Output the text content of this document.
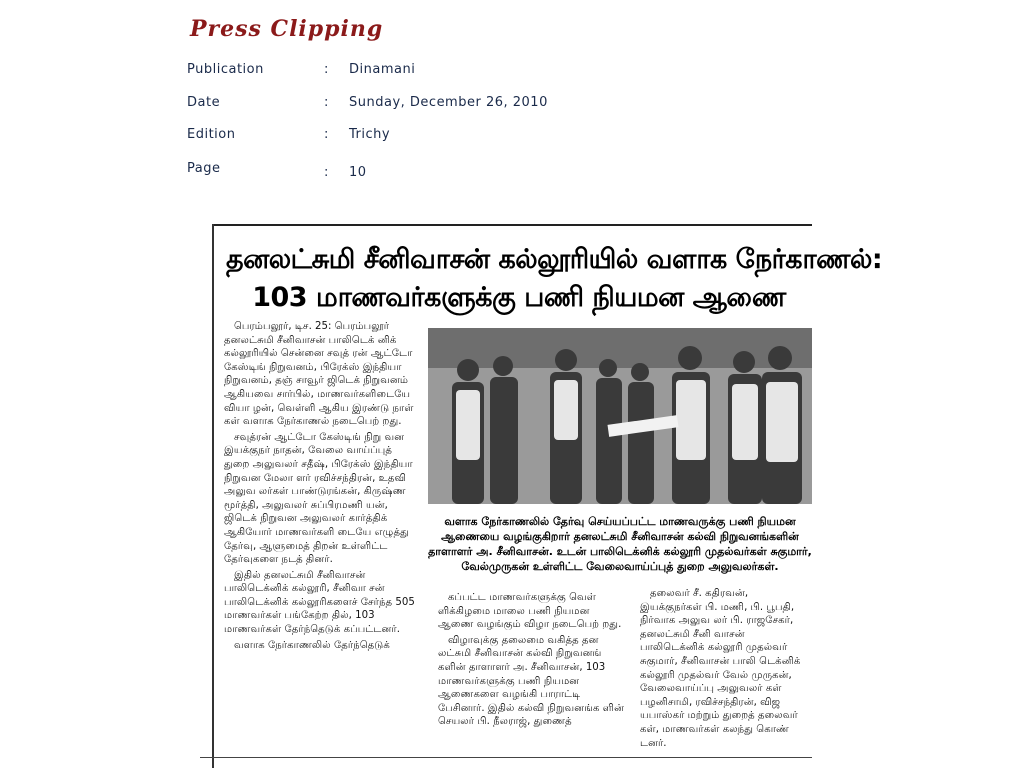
Press Clipping
Publication	: Dinamani
Date	: Sunday, December 26, 2010
Edition	: Trichy
Page	: 10
தனலட்சுமி சீனிவாசன் கல்லூரியில் வளாக நேர்காணல்:
103 மாணவர்களுக்கு பணி நியமன ஆணை

பெரம்பலூர், டிச. 25: பெரம்பலூர் தனலட்சுமி சீனிவாசன் பாலிடெக் னிக் கல்லூரியில் சென்னை சவுத் ரன் ஆட்டோ கேஸ்டிங் நிறுவனம், பிரேக்ஸ் இந்தியா நிறுவனம், தஞ் சாவூர் ஜிடெக் நிறுவனம் ஆகியவை சார்பில், மாணவர்களிடையே வியா ழன், வெள்ளி ஆகிய இரண்டு நாள் கள் வளாக நேர்காணல் நடைபெற் றது.

சவுத்ரன் ஆட்டோ கேஸ்டிங் நிறு வன இயக்குநர் நாதன், வேலை வாய்ப்புத் துறை அலுவலர் சதீஷ், பிரேக்ஸ் இந்தியா நிறுவன மேலா ளர் ரவிச்சந்திரன், உதவி அலுவ லர்கள் பாண்டுரங்கன், கிருஷ்ண மூர்த்தி, அலுவலர் சுப்பிரமணி யன், ஜிடெக் நிறுவன அலுவலர் கார்த்திக் ஆகியோர் மாணவர்களி டையே எழுத்து தேர்வு, ஆளுமைத் திறன் உள்ளிட்ட தேர்வுகளை நடத் தினர்.

இதில் தனலட்சுமி சீனிவாசன் பாலிடெக்னிக் கல்லூரி, சீனிவா சன் பாலிடெக்னிக் கல்லூரிகளைச் சேர்ந்த 505 மாணவர்கள் பங்கேற்ற தில், 103 மாணவர்கள் தேர்ந்தெடுக் கப்பட்டனர்.

வளாக நேர்காணலில் தேர்ந்தெடுக்

வளாக நேர்காணலில் தேர்வு செய்யப்பட்ட மாணவருக்கு பணி நியமன ஆணையை வழங்குகிறார் தனலட்சுமி சீனிவாசன் கல்வி நிறுவனங்களின் தாளாளர் அ. சீனிவாசன். உடன் பாலிடெக்னிக் கல்லூரி முதல்வர்கள் சுகுமார், வேல்முருகன் உள்ளிட்ட வேலைவாய்ப்புத் துறை அலுவலர்கள்.

கப்பட்ட மாணவர்களுக்கு வெள் ளிக்கிழமை மாலை பணி நியமன ஆணை வழங்கும் விழா நடைபெற் றது.

விழாவுக்கு தலைமை வகித்த தன லட்சுமி சீனிவாசன் கல்வி நிறுவனங் களின் தாளாளர் அ. சீனிவாசன், 103 மாணவர்களுக்கு பணி நியமன ஆணைகளை வழங்கி பாராட்டி பேசினார். இதில் கல்வி நிறுவனங்க ளின் செயலர் பி. நீலராஜ், துணைத்

தலைவர் சீ. கதிரவன், இயக்குநர்கள் பி. மணி, பி. பூபதி, நிர்வாக அலுவ லர் பி. ராஜசேகர், தனலட்சுமி சீனி வாசன் பாலிடெக்னிக் கல்லூரி முதல்வர் சுகுமார், சீனிவாசன் பாலி டெக்னிக் கல்லூரி முதல்வர் வேல் முருகன், வேலைவாய்ப்பு அலுவலர் கள் பழனிசாமி, ரவிச்சந்திரன், விஜ யபாஸ்கர் மற்றும் துறைத் தலைவர் கள், மாணவர்கள் கலந்து கொண் டனர்.
